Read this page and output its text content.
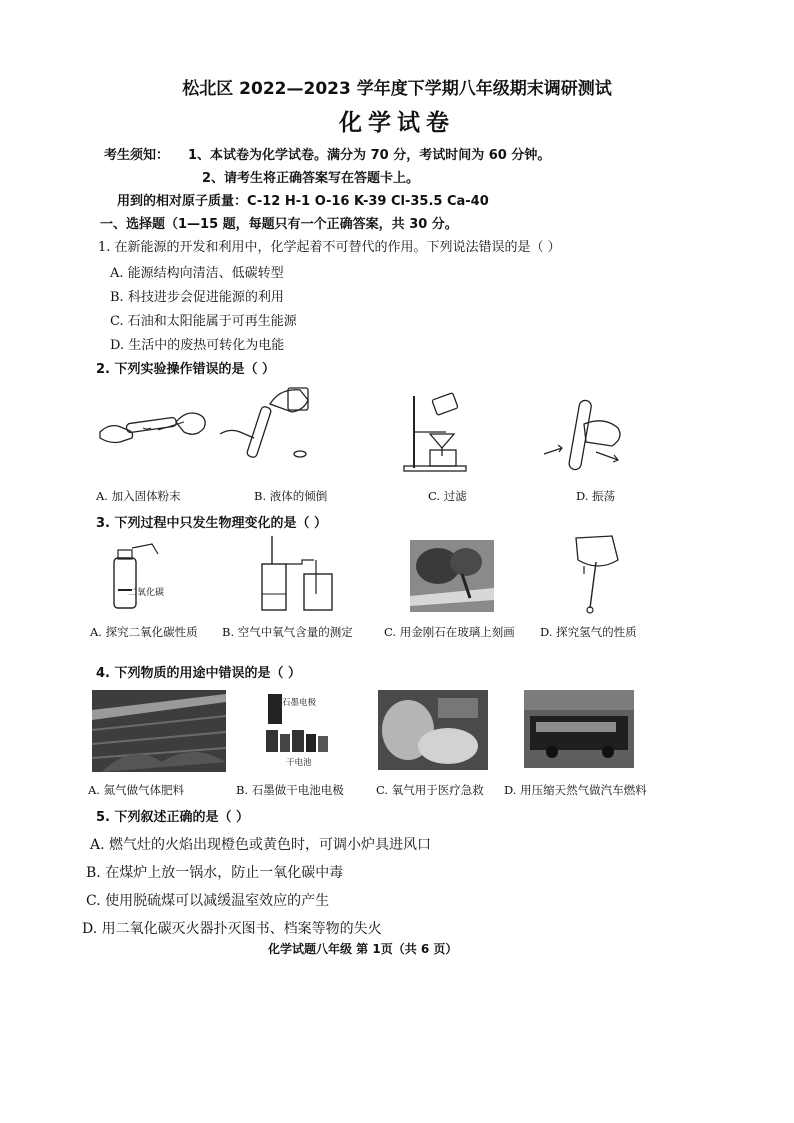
松北区 2022—2023 学年度下学期八年级期末调研测试
化学试卷
考生须知： 1、本试卷为化学试卷。满分为 70 分，考试时间为 60 分钟。
2、请考生将正确答案写在答题卡上。
用到的相对原子质量：C-12 H-1 O-16 K-39 Cl-35.5 Ca-40
一、选择题（1—15 题，每题只有一个正确答案，共 30 分。
1. 在新能源的开发和利用中，化学起着不可替代的作用。下列说法错误的是（ ）
A. 能源结构向清洁、低碳转型
B. 科技进步会促进能源的利用
C. 石油和太阳能属于可再生能源
D. 生活中的废热可转化为电能
2. 下列实验操作错误的是（ ）
A. 加入固体粉末	B. 液体的倾倒	C. 过滤	D. 振荡
3. 下列过程中只发生物理变化的是（ ）
二氧化碳
A. 探究二氧化碳性质 B. 空气中氧气含量的测定	C. 用金刚石在玻璃上刻画 D. 探究氢气的性质
4. 下列物质的用途中错误的是（ ）
石墨电极
干电池
A. 氮气做气体肥料	B. 石墨做干电池电极	C. 氧气用于医疗急救 D. 用压缩天然气做汽车燃料
5. 下列叙述正确的是（ ）
A. 燃气灶的火焰出现橙色或黄色时，可调小炉具进风口
B. 在煤炉上放一锅水，防止一氧化碳中毒
C. 使用脱硫煤可以减缓温室效应的产生
D. 用二氧化碳灭火器扑灭图书、档案等物的失火
化学试题八年级 第 1页（共 6 页）
